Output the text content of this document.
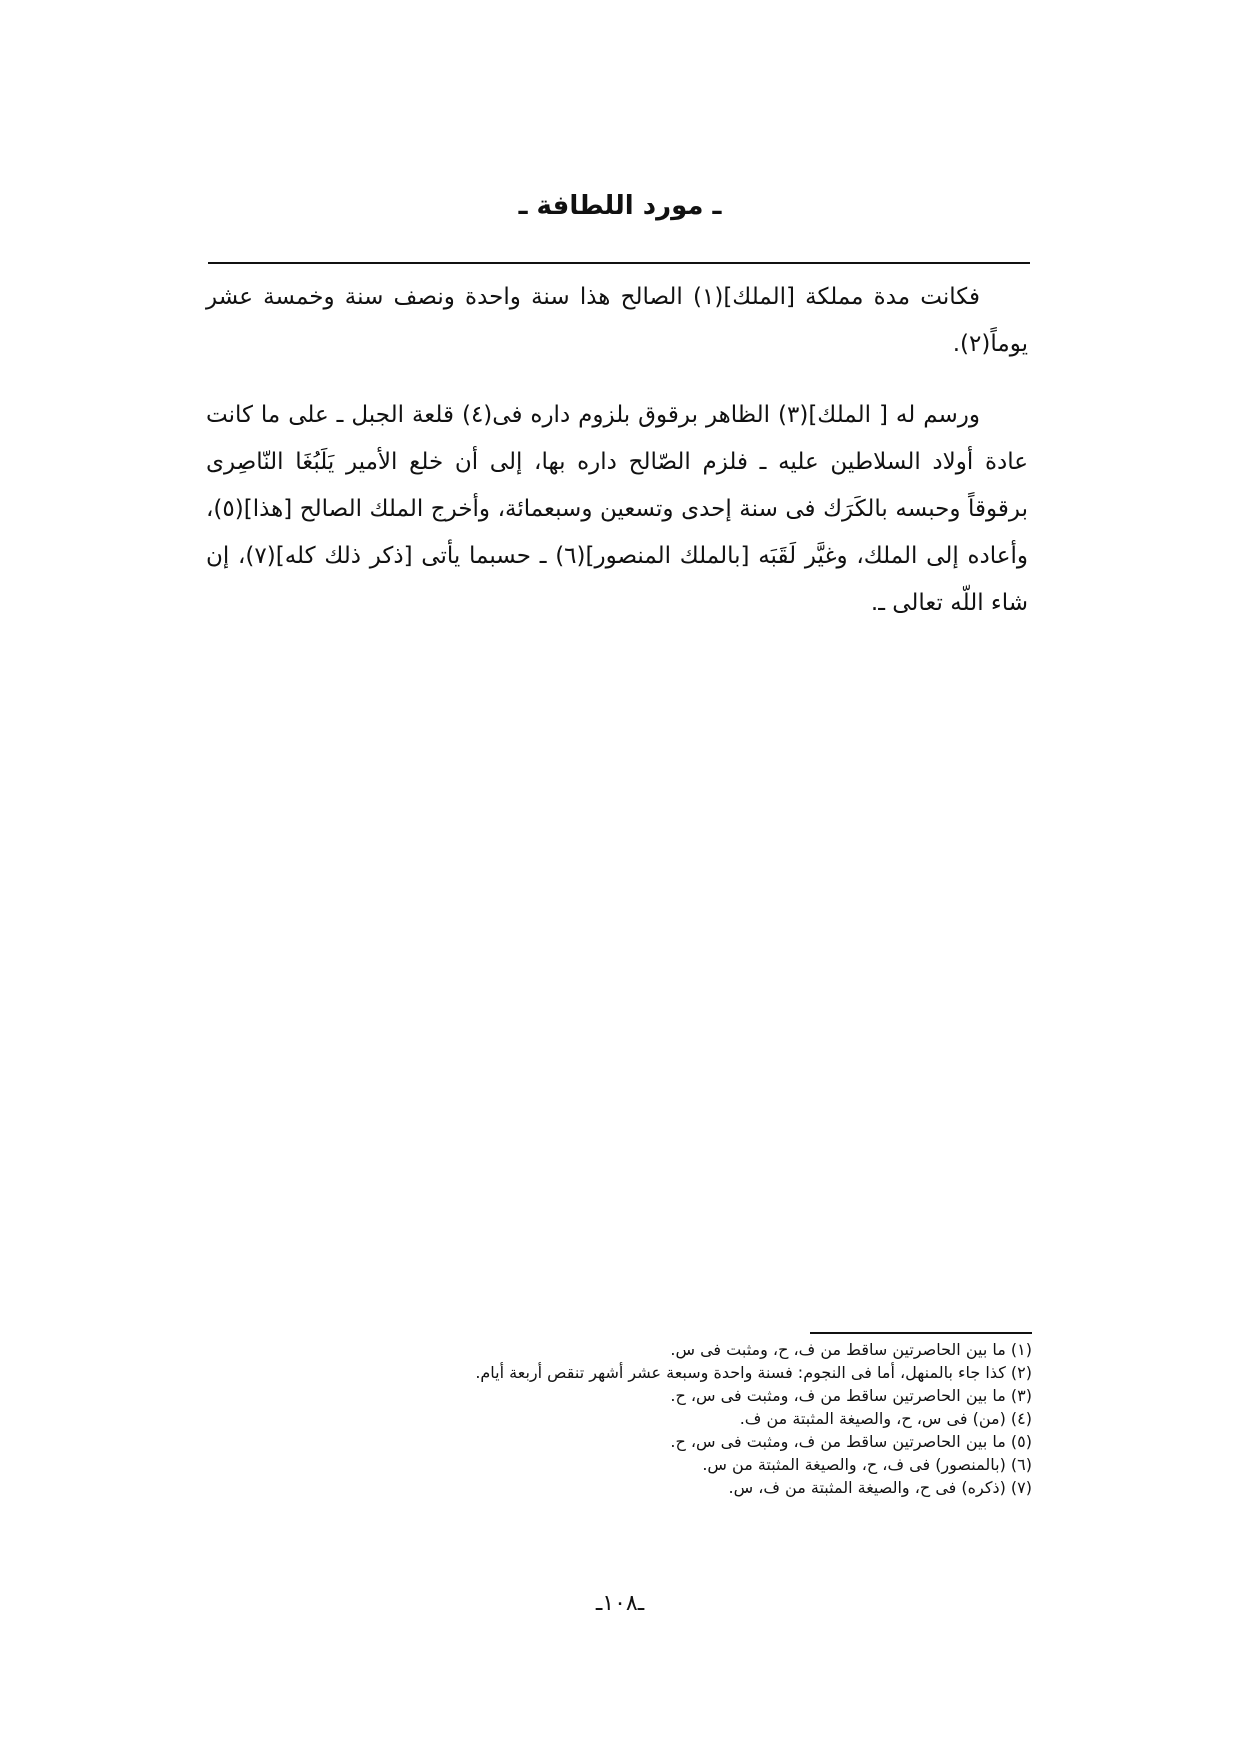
ـ مورد اللطافة ـ

فكانت مدة مملكة [الملك](١) الصالح هذا سنة واحدة ونصف سنة وخمسة عشر يوماً(٢).

ورسم له [ الملك](٣) الظاهر برقوق بلزوم داره فى(٤) قلعة الجبل ـ على ما كانت عادة أولاد السلاطين عليه ـ فلزم الصّالح داره بها، إلى أن خلع الأمير يَلَبُغَا النّاصِرى برقوقاً وحبسه بالكَرَك فى سنة إحدى وتسعين وسبعمائة، وأخرج الملك الصالح [هذا](٥)، وأعاده إلى الملك، وغيَّر لَقَبَه [بالملك المنصور](٦) ـ حسبما يأتى [ذكر ذلك كله](٧)، إن شاء اللّه تعالى ـ.

(١) ما بين الحاصرتين ساقط من ف، ح، ومثبت فى س.
(٢) كذا جاء بالمنهل، أما فى النجوم: فسنة واحدة وسبعة عشر أشهر تنقص أربعة أيام.
(٣) ما بين الحاصرتين ساقط من ف، ومثبت فى س، ح.
(٤) (من) فى س، ح، والصيغة المثبتة من ف.
(٥) ما بين الحاصرتين ساقط من ف، ومثبت فى س، ح.
(٦) (بالمنصور) فى ف، ح، والصيغة المثبتة من س.
(٧) (ذكره) فى ح، والصيغة المثبتة من ف، س.
ـ١٠٨ـ
